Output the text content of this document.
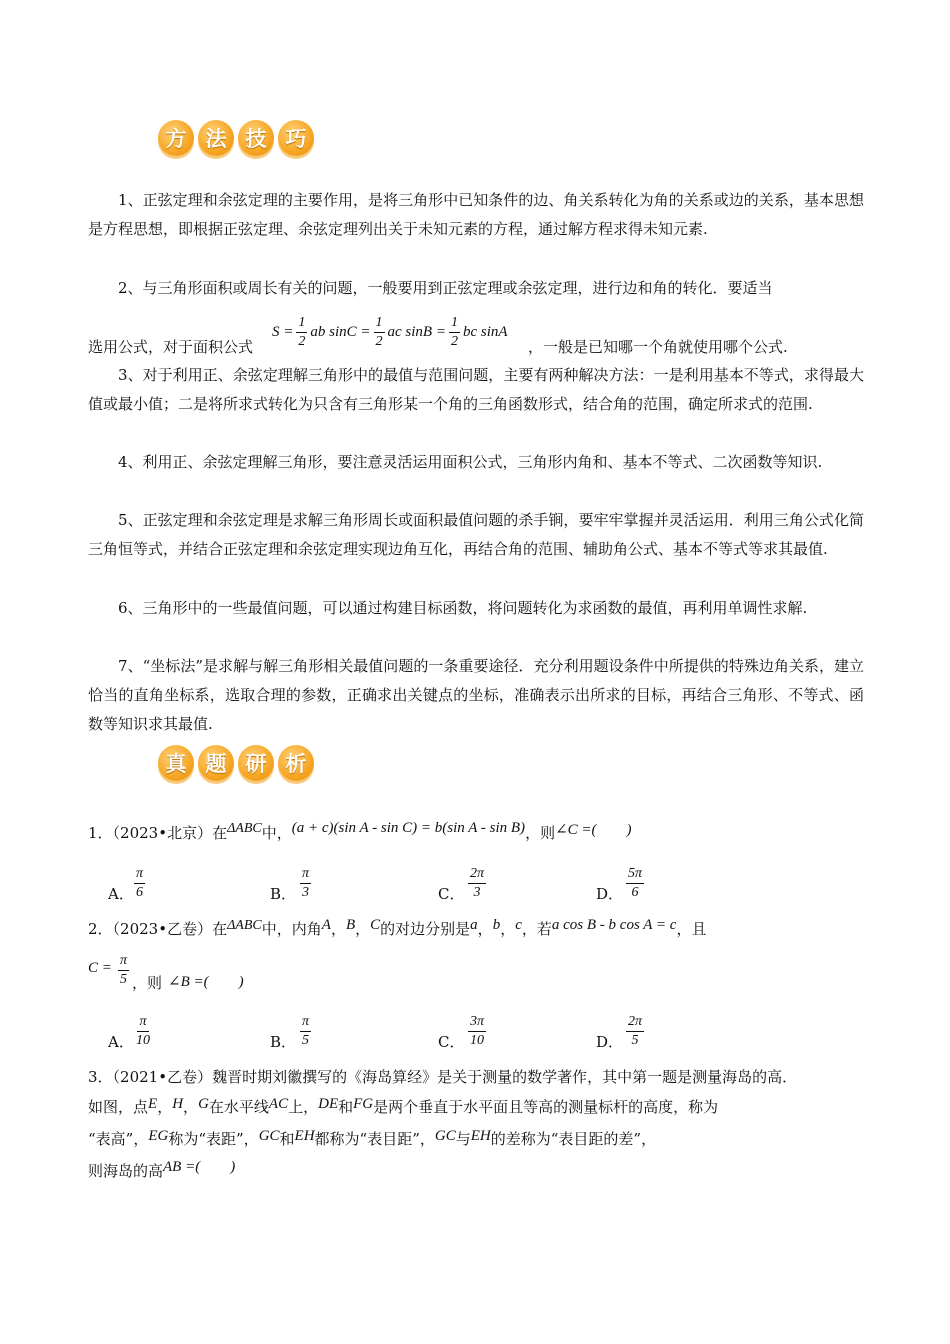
方 法 技 巧

1、正弦定理和余弦定理的主要作用，是将三角形中已知条件的边、角关系转化为角的关系或边的关系，基本思想是方程思想，即根据正弦定理、余弦定理列出关于未知元素的方程，通过解方程求得未知元素.

2、与三角形面积或周长有关的问题，一般要用到正弦定理或余弦定理，进行边和角的转化．要适当

选用公式，对于面积公式
$S = \frac{1}{2}$ ab $\sin C = \frac{1}{2}$ ac $\sin B = \frac{1}{2}$ bc sinA
，一般是已知哪一个角就使用哪个公式.

3、对于利用正、余弦定理解三角形中的最值与范围问题，主要有两种解决方法：一是利用基本不等式，求得最大值或最小值；二是将所求式转化为只含有三角形某一个角的三角函数形式，结合角的范围，确定所求式的范围.

4、利用正、余弦定理解三角形，要注意灵活运用面积公式，三角形内角和、基本不等式、二次函数等知识.

5、正弦定理和余弦定理是求解三角形周长或面积最值问题的杀手锏，要牢牢掌握并灵活运用．利用三角公式化简三角恒等式，并结合正弦定理和余弦定理实现边角互化，再结合角的范围、辅助角公式、基本不等式等求其最值.

6、三角形中的一些最值问题，可以通过构建目标函数，将问题转化为求函数的最值，再利用单调性求解.

7、“坐标法”是求解与解三角形相关最值问题的一条重要途径．充分利用题设条件中所提供的特殊边角关系，建立恰当的直角坐标系，选取合理的参数，正确求出关键点的坐标，准确表示出所求的目标，再结合三角形、不等式、函数等知识求其最值.

真 题 研 析
1．（2023•北京）在ΔABC中，(a + c)(sin A - sin C) = b(sin A - sin B)，则∠C =(　　)
A． $\frac{\pi}{6}$	B． $\frac{\pi}{3}$	C． $\frac{2\pi}{3}$	D． $\frac{5\pi}{6}$
2．（2023•乙卷）在ΔABC中，内角A，B，C的对边分别是a，b，c，若a cos B - b cos A = c，且
$C = \frac{\pi}{5}$ ，则 ∠B =(　　)
A． $\frac{\pi}{10}$	B． $\frac{\pi}{5}$	C． $\frac{3\pi}{10}$	D． $\frac{2\pi}{5}$
3．（2021•乙卷）魏晋时期刘徽撰写的《海岛算经》是关于测量的数学著作，其中第一题是测量海岛的高．
如图，点E，H，G在水平线AC上，DE和FG是两个垂直于水平面且等高的测量标杆的高度，称为
“表高”，EG称为“表距”，GC和EH都称为“表目距”，GC与EH的差称为“表目距的差”，
则海岛的高AB =(　　)
